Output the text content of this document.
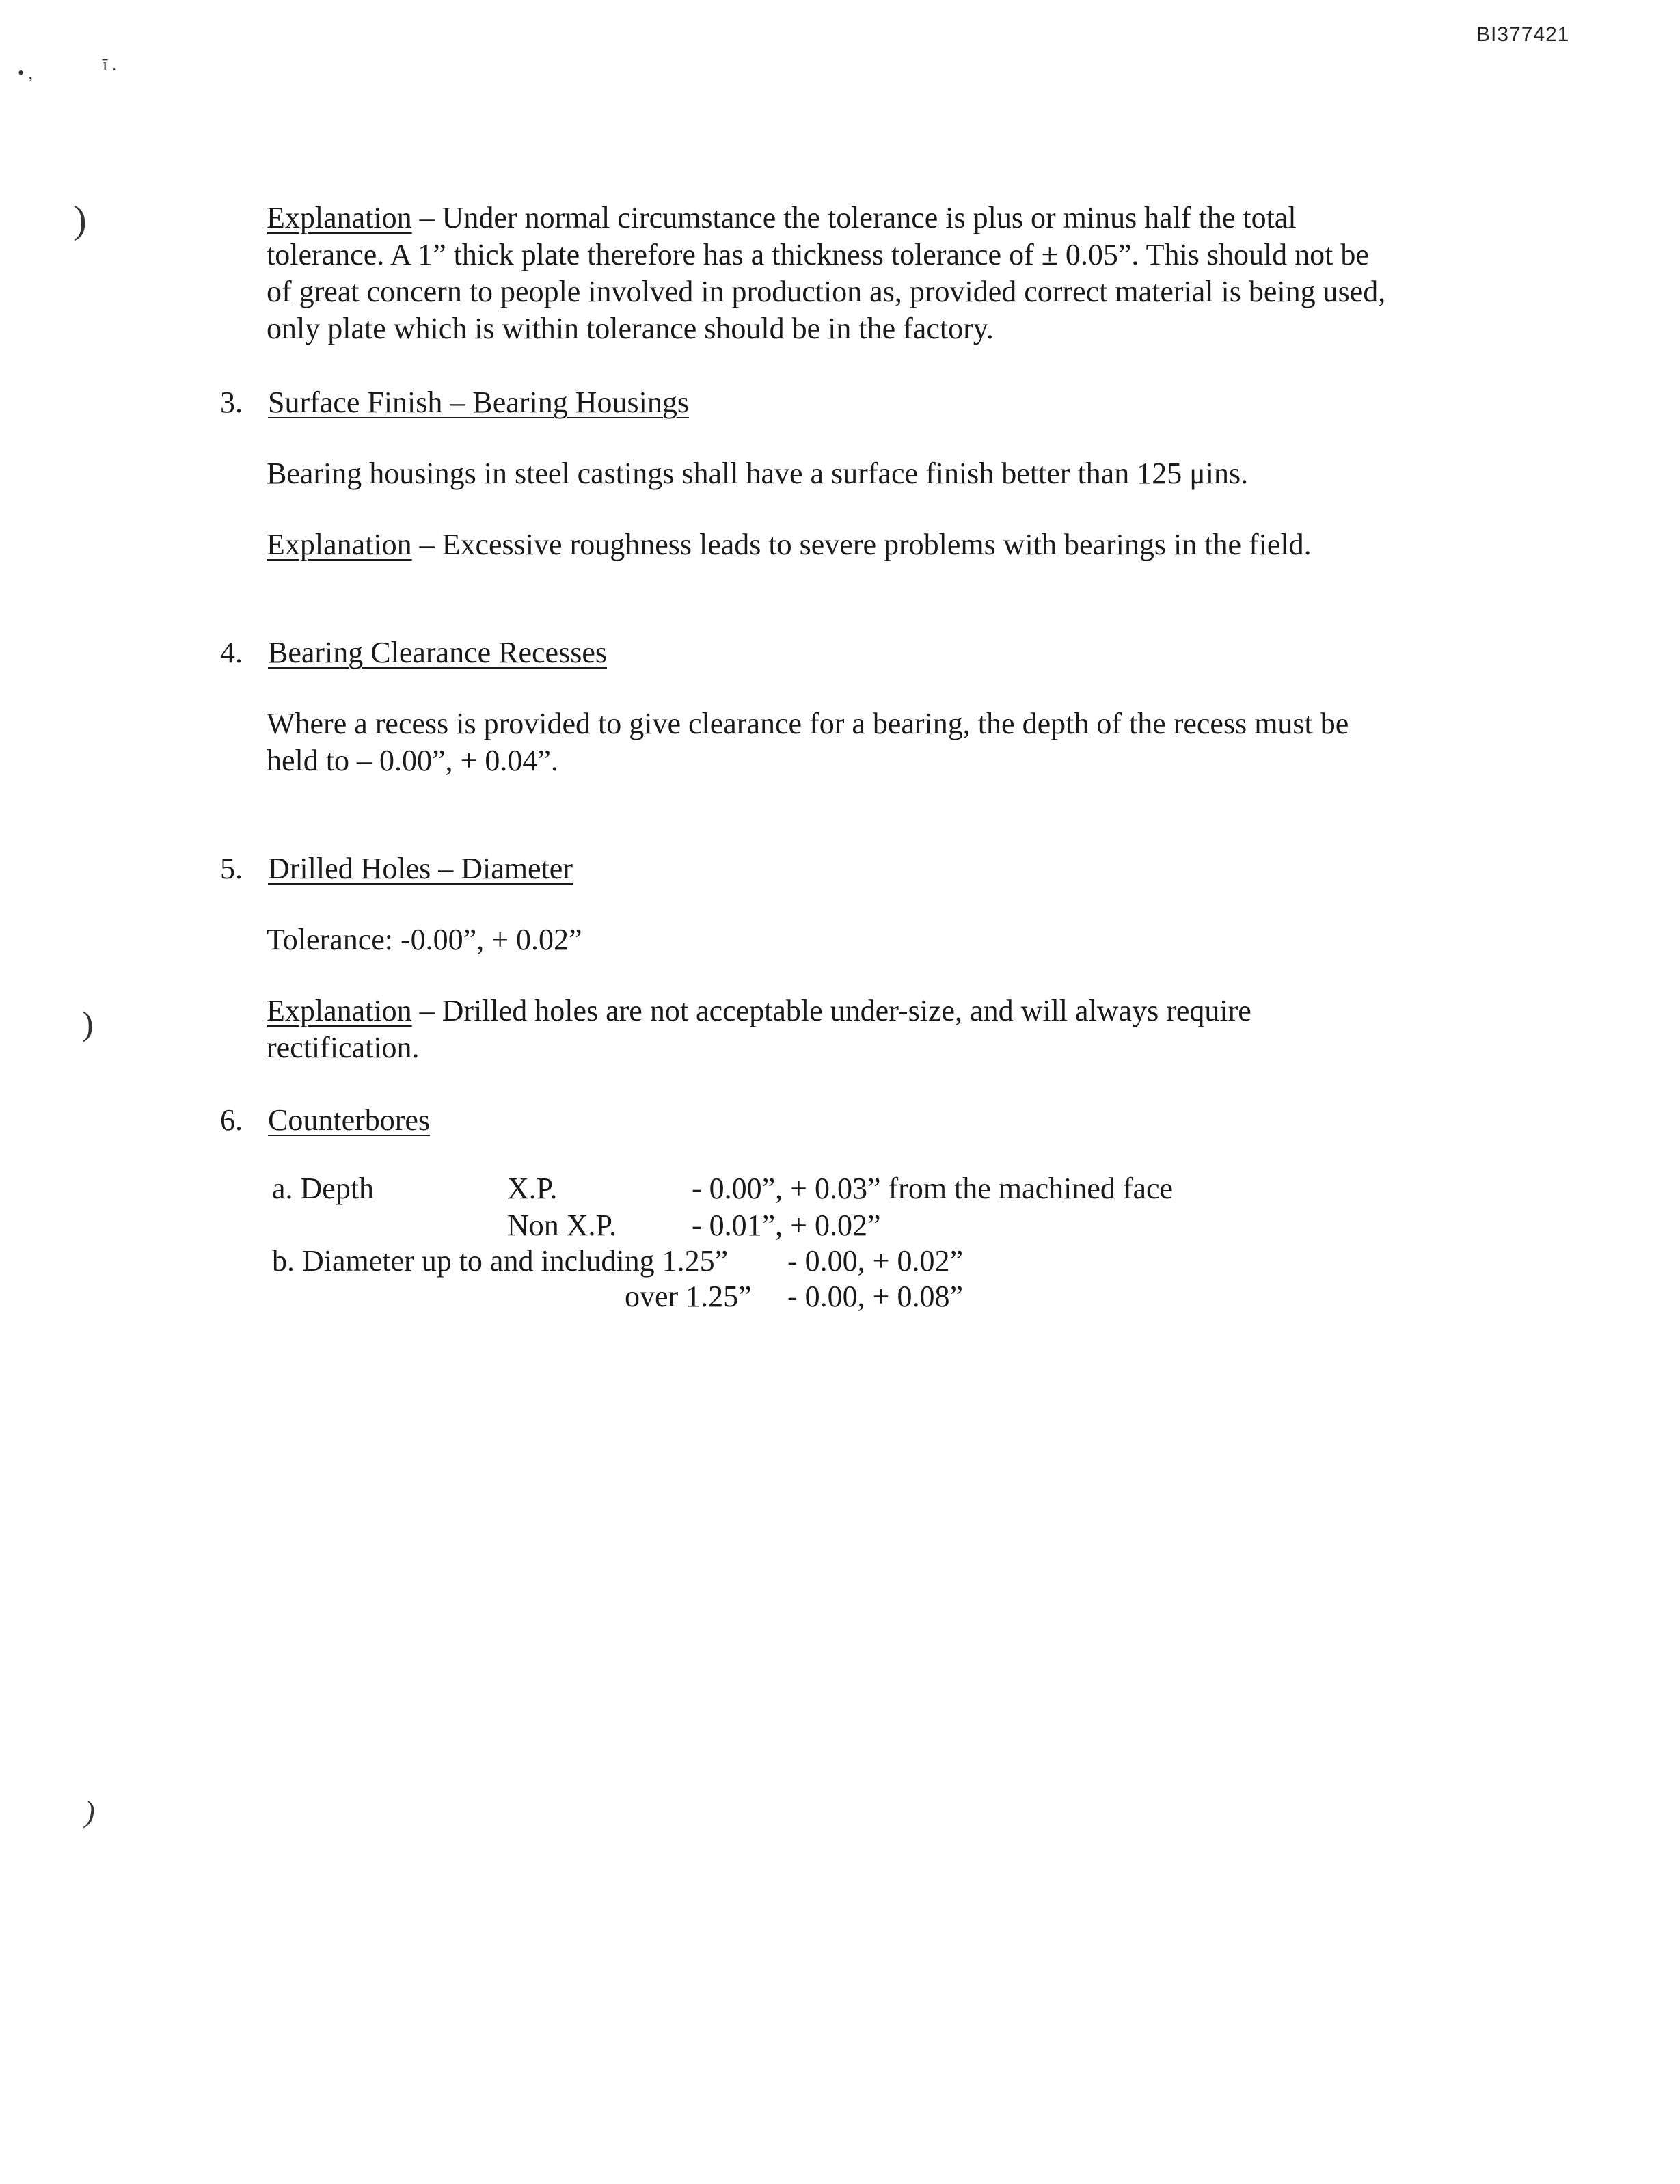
BI377421
• ,	ī .
)
)
)
Explanation – Under normal circumstance the tolerance is plus or minus half the total tolerance. A 1” thick plate therefore has a thickness tolerance of ± 0.05”. This should not be of great concern to people involved in production as, provided correct material is being used, only plate which is within tolerance should be in the factory.
3. Surface Finish – Bearing Housings
Bearing housings in steel castings shall have a surface finish better than 125 μins.
Explanation – Excessive roughness leads to severe problems with bearings in the field.
4. Bearing Clearance Recesses
Where a recess is provided to give clearance for a bearing, the depth of the recess must be held to – 0.00”, + 0.04”.
5. Drilled Holes – Diameter
Tolerance: -0.00”, + 0.02”
Explanation – Drilled holes are not acceptable under-size, and will always require rectification.
6. Counterbores
a. Depth	X.P.	- 0.00”, + 0.03” from the machined face
Non X.P. - 0.01”, + 0.02”
b. Diameter up to and including 1.25” - 0.00, + 0.02”
over 1.25” - 0.00, + 0.08”
